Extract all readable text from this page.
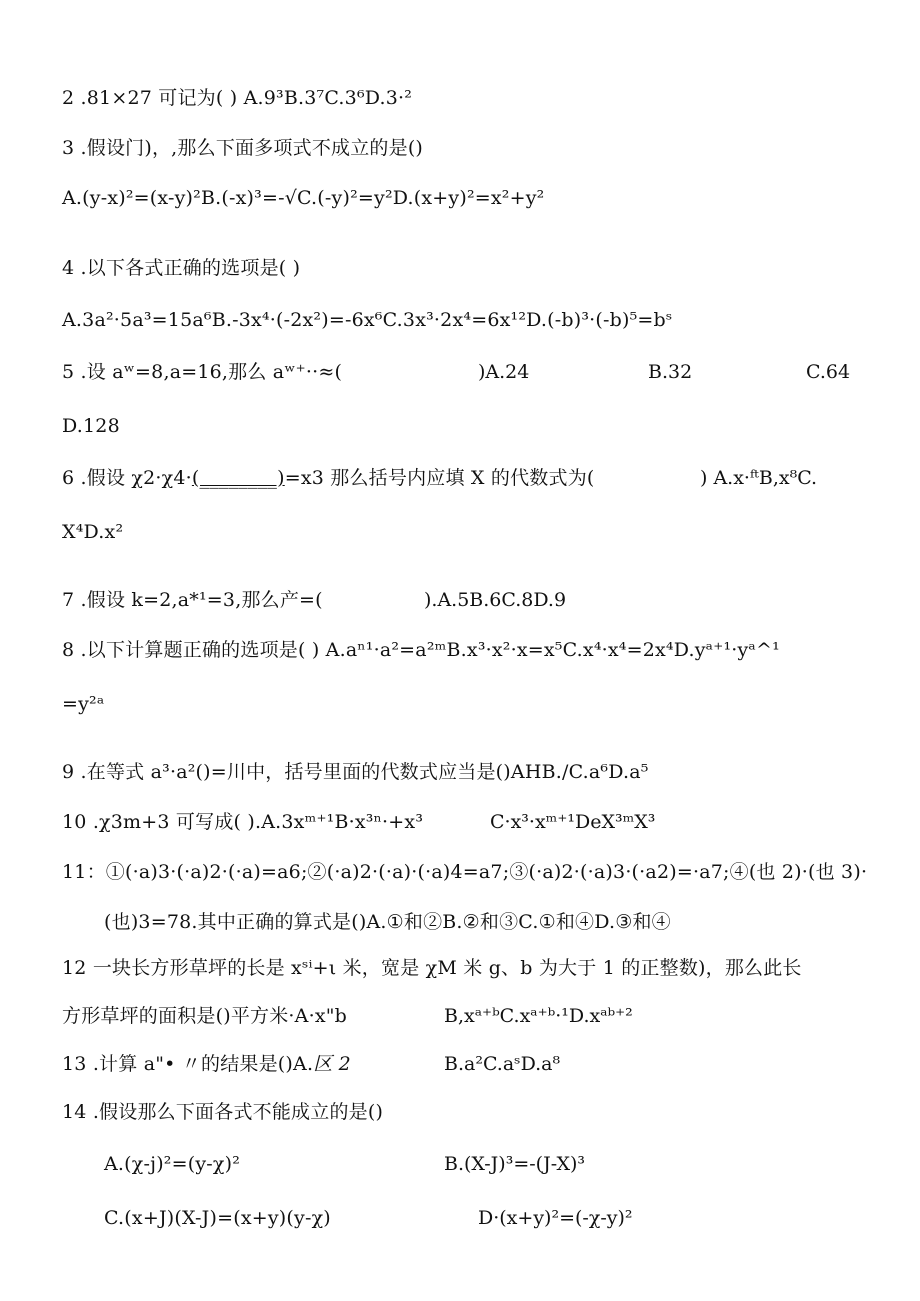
2 .81×27 可记为( ) A.9³B.3⁷C.3⁶D.3·²
3 .假设门)，,那么下面多项式不成立的是()
A.(y-x)²=(x-y)²B.(-x)³=-√C.(-y)²=y²D.(x+y)²=x²+y²
4 .以下各式正确的选项是( )
A.3a²·5a³=15a⁶B.-3x⁴·(-2x²)=-6x⁶C.3x³·2x⁴=6x¹²D.(-b)³·(-b)⁵=bˢ
5 .设 aʷ=8,a=16,那么 aʷ⁺··≈(	)A.24	B.32	C.64
D.128
6 .假设 χ2·χ4·(________)=x3 那么括号内应填 X 的代数式为(	) A.x·ᶠᵗB,x⁸C.
X⁴D.x²
7 .假设 k=2,a*¹=3,那么产=(	).A.5B.6C.8D.9
8 .以下计算题正确的选项是( ) A.aⁿ¹·a²=a²ᵐB.x³·x²·x=x⁵C.x⁴·x⁴=2x⁴D.yᵃ⁺¹·yᵃ^¹
=y²ᵃ
9 .在等式 a³·a²()=川中，括号里面的代数式应当是()AHB./C.a⁶D.a⁵
10 .χ3m+3 可写成( ).A.3xᵐ⁺¹B·x³ⁿ·+x³	C·x³·xᵐ⁺¹DeX³ᵐX³
11：①(·a)3·(·a)2·(·a)=a6;②(·a)2·(·a)·(·a)4=a7;③(·a)2·(·a)3·(·a2)=·a7;④(也 2)·(也 3)·
(也)3=78.其中正确的算式是()A.①和②B.②和③C.①和④D.③和④
12 一块长方形草坪的长是 xˢⁱ+ι 米，宽是 χM 米 g、b 为大于 1 的正整数)，那么此长
方形草坪的面积是()平方米·A·x"b	B,xᵃ⁺ᵇC.xᵃ⁺ᵇ·¹D.xᵃᵇ⁺²
13 .计算 a"• 〃的结果是()A.区 2	B.a²C.aˢD.a⁸
14 .假设那么下面各式不能成立的是()
A.(χ-j)²=(y-χ)²	B.(X-J)³=-(J-X)³
C.(x+J)(X-J)=(x+y)(y-χ)	D·(x+y)²=(-χ-y)²
